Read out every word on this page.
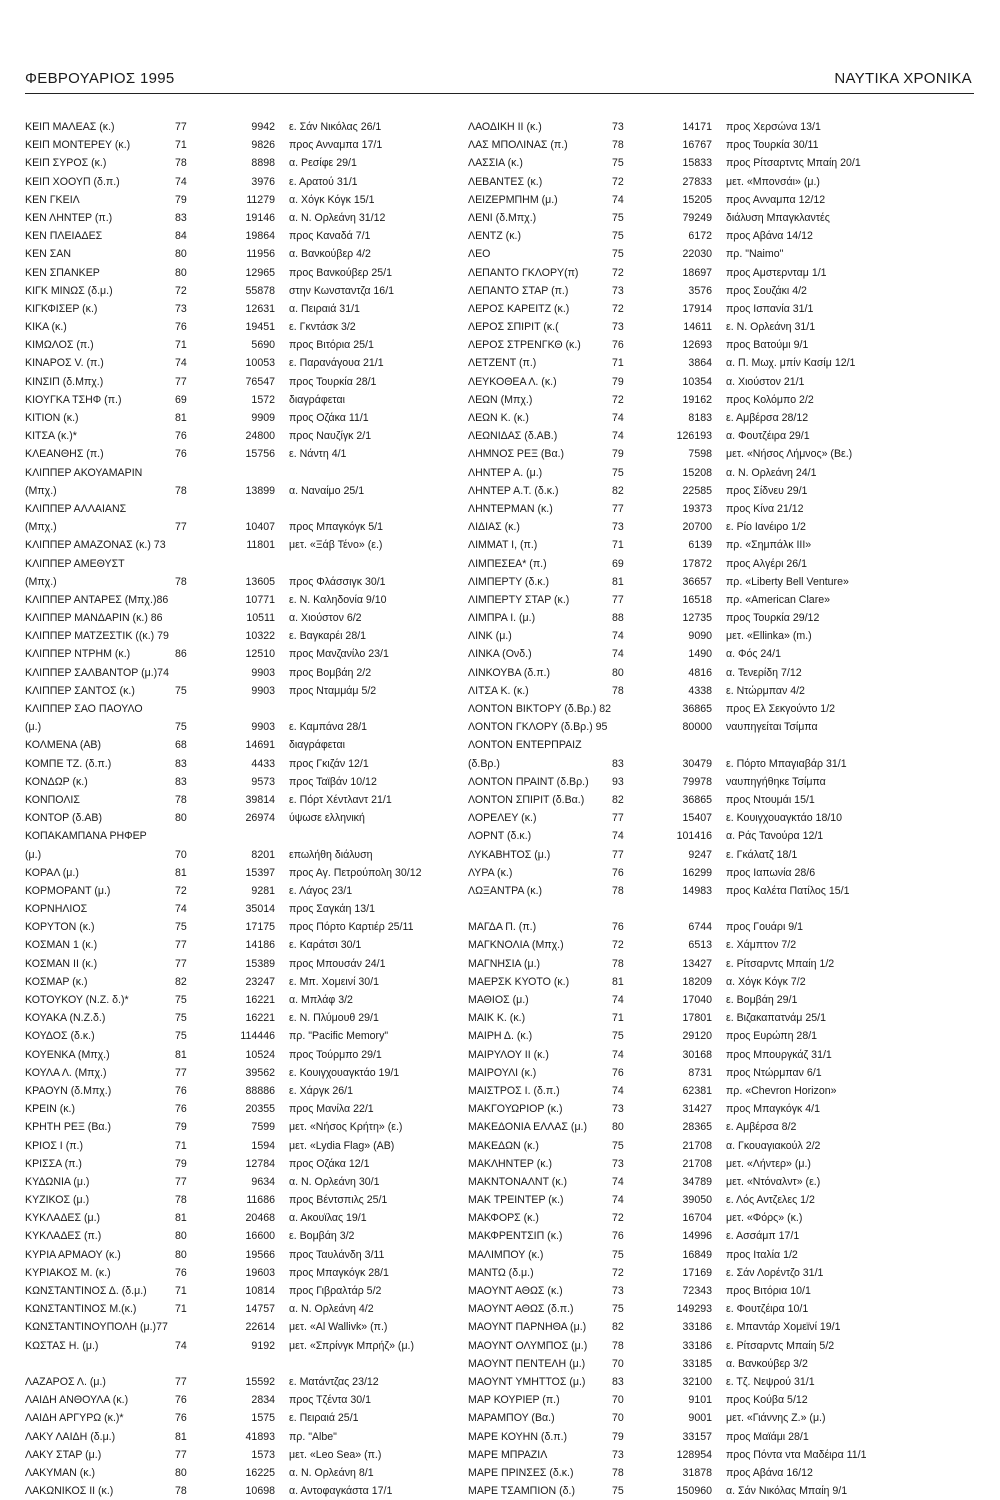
ΦΕΒΡΟΥΑΡΙΟΣ 1995	ΝΑΥΤΙΚΑ ΧΡΟΝΙΚΑ
ΚΕΙΠ ΜΑΛΕΑΣ (κ.)	77	9942 ε. Σάν Νικόλας 26/1
ΚΕΙΠ ΜΟΝΤΕΡΕΥ (κ.)	71	9826 προς Ανναμπα 17/1
ΚΕΙΠ ΣΥΡΟΣ (κ.)	78	8898 α. Ρεσίφε 29/1
ΚΕΙΠ ΧΟΟΥΠ (δ.π.)	74	3976 ε. Αρατού 31/1
ΚΕΝ ΓΚΕΙΛ	79	11279 α. Χόγκ Κόγκ 15/1
ΚΕΝ ΛΗΝΤΕΡ (π.)	83	19146 α. Ν. Ορλεάνη 31/12
ΚΕΝ ΠΛΕΙΑΔΕΣ	84	19864 προς Καναδά 7/1
ΚΕΝ ΣΑΝ	80	11956 α. Βανκούβερ 4/2
ΚΕΝ ΣΠΑΝΚΕΡ	80	12965 προς Βανκούβερ 25/1
ΚΙΓΚ ΜΙΝΩΣ (δ.μ.)	72	55878 στην Κωνσταντζα 16/1
ΚΙΓΚΦΙΣΕΡ (κ.)	73	12631 α. Πειραιά 31/1
ΚΙΚΑ (κ.)	76	19451 ε. Γκντάσκ 3/2
ΚΙΜΩΛΟΣ (π.)	71	5690 προς Βιτόρια 25/1
ΚΙΝΑΡΟΣ V. (π.)	74	10053 ε. Παρανάγουα 21/1
ΚΙΝΣΙΠ (δ.Μπχ.)	77	76547 προς Τουρκία 28/1
ΚΙΟΥΓΚΑ ΤΣΗΦ (π.)	69	1572 διαγράφεται
ΚΙΤΙΟΝ (κ.)	81	9909 προς Οζάκα 11/1
ΚΙΤΣΑ (κ.)*	76	24800 προς Ναυζίγκ 2/1
ΚΛΕΑΝΘΗΣ (π.)	76	15756 ε. Νάντη 4/1
ΚΛΙΠΠΕΡ ΑΚΟΥΑΜΑΡΙΝ
(Μπχ.)	78	13899 α. Ναναίμο 25/1
ΚΛΙΠΠΕΡ ΑΛΛΑΙΑΝΣ
(Μπχ.)	77	10407 προς Μπαγκόγκ 5/1
ΚΛΙΠΠΕΡ ΑΜΑΖΟΝΑΣ (κ.) 73	11801 μετ. «Ξάβ Τένο» (ε.)
ΚΛΙΠΠΕΡ ΑΜΕΘΥΣΤ
(Μπχ.)	78	13605 προς Φλάσσιγκ 30/1
ΚΛΙΠΠΕΡ ΑΝΤΑΡΕΣ (Μπχ.)86	10771 ε. Ν. Καληδονία 9/10
ΚΛΙΠΠΕΡ ΜΑΝΔΑΡΙΝ (κ.) 86	10511 α. Χιούστον 6/2
ΚΛΙΠΠΕΡ ΜΑΤΖΕΣΤΙΚ ((κ.) 79	10322 ε. Βαγκαρέι 28/1
ΚΛΙΠΠΕΡ ΝΤΡΗΜ (κ.)	86	12510 προς Μανζανίλο 23/1
ΚΛΙΠΠΕΡ ΣΑΛΒΑΝΤΟΡ (μ.)74	9903 προς Βομβάη 2/2
ΚΛΙΠΠΕΡ ΣΑΝΤΟΣ (κ.)	75	9903 προς Νταμμάμ 5/2
ΚΛΙΠΠΕΡ ΣΑΟ ΠΑΟΥΛΟ
(μ.)	75	9903 ε. Καμπάνα 28/1
ΚΟΛΜΕΝΑ (ΑΒ)	68	14691 διαγράφεται
ΚΟΜΠΕ ΤΖ. (δ.π.)	83	4433 προς Γκιζάν 12/1
ΚΟΝΔΩΡ (κ.)	83	9573 προς Ταϊβάν 10/12
ΚΟΝΠΟΛΙΣ	78	39814 ε. Πόρτ Χέντλαντ 21/1
ΚΟΝΤΟΡ (δ.ΑΒ)	80	26974 ύψωσε ελληνική
ΚΟΠΑΚΑΜΠΑΝΑ ΡΗΦΕΡ
(μ.)	70	8201 επωλήθη διάλυση
ΚΟΡΑΛ (μ.)	81	15397 προς Αγ. Πετρούπολη 30/12
ΚΟΡΜΟΡΑΝΤ (μ.)	72	9281 ε. Λάγος 23/1
ΚΟΡΝΗΛΙΟΣ	74	35014 προς Σαγκάη 13/1
ΚΟΡΥΤΟΝ (κ.)	75	17175 προς Πόρτο Καρτιέρ 25/11
ΚΟΣΜΑΝ 1 (κ.)	77	14186 ε. Καράτσι 30/1
ΚΟΣΜΑΝ ΙΙ (κ.)	77	15389 προς Μπουσάν 24/1
ΚΟΣΜΑΡ (κ.)	82	23247 ε. Μπ. Χομεινί 30/1
ΚΟΤΟΥΚΟΥ (Ν.Ζ. δ.)*	75	16221 α. Μπλάφ 3/2
ΚΟΥΑΚΑ (Ν.Ζ.δ.)	75	16221 ε. Ν. Πλύμουθ 29/1
ΚΟΥΔΟΣ (δ.κ.)	75	114446 πρ. "Pacific Memory"
ΚΟΥΕΝΚΑ (Μπχ.)	81	10524 προς Τούρμπο 29/1
ΚΟΥΛΑ Λ. (Μπχ.)	77	39562 ε. Κουιγχουαγκτάο 19/1
ΚΡΑΟΥΝ (δ.Μπχ.)	76	88886 ε. Χάργκ 26/1
ΚΡΕΙΝ (κ.)	76	20355 προς Μανίλα 22/1
ΚΡΗΤΗ ΡΕΞ (Βα.)	79	7599 μετ. «Νήσος Κρήτη» (ε.)
ΚΡΙΟΣ Ι (π.)	71	1594 μετ. «Lydia Flag» (ΑΒ)
ΚΡΙΣΣΑ (π.)	79	12784 προς Οζάκα 12/1
ΚΥΔΩΝΙΑ (μ.)	77	9634 α. Ν. Ορλεάνη 30/1
ΚΥΖΙΚΟΣ (μ.)	78	11686 προς Βέντσπιλς 25/1
ΚΥΚΛΑΔΕΣ (μ.)	81	20468 α. Ακουϊλας 19/1
ΚΥΚΛΑΔΕΣ (π.)	80	16600 ε. Βομβάη 3/2
ΚΥΡΙΑ ΑΡΜΑΟΥ (κ.)	80	19566 προς Ταυλάνδη 3/11
ΚΥΡΙΑΚΟΣ Μ. (κ.)	76	19603 προς Μπαγκόγκ 28/1
ΚΩΝΣΤΑΝΤΙΝΟΣ Δ. (δ.μ.)	71	10814 προς Γιβραλτάρ 5/2
ΚΩΝΣΤΑΝΤΙΝΟΣ Μ.(κ.)	71	14757 α. Ν. Ορλεάνη 4/2
ΚΩΝΣΤΑΝΤΙΝΟΥΠΟΛΗ (μ.)77	22614 μετ. «Al Wallivk» (π.)
ΚΩΣΤΑΣ Η. (μ.)	74	9192 μετ. «Σπρίνγκ Μπρήζ» (μ.)
ΛΑΖΑΡΟΣ Λ. (μ.)	77	15592 ε. Ματάντζας 23/12
ΛΑΙΔΗ ΑΝΘΟΥΛΑ (κ.)	76	2834 προς Τζέντα 30/1
ΛΑΙΔΗ ΑΡΓΥΡΩ (κ.)*	76	1575 ε. Πειραιά 25/1
ΛΑΚΥ ΛΑΙΔΗ (δ.μ.)	81	41893 πρ. "Albe"
ΛΑΚΥ ΣΤΑΡ (μ.)	77	1573 μετ. «Leo Sea» (π.)
ΛΑΚΥΜΑΝ (κ.)	80	16225 α. Ν. Ορλεάνη 8/1
ΛΑΚΩΝΙΚΟΣ ΙΙ (κ.)	78	10698 α. Αντοφαγκάστα 17/1
ΛΑΟΔΙΚΗ ΙΙ (κ.)	73	14171 προς Χερσώνα 13/1
ΛΑΣ ΜΠΟΛΙΝΑΣ (π.)	78	16767 προς Τουρκία 30/11
ΛΑΣΣΙΑ (κ.)	75	15833 προς Ρίτσαρτντς Μπαίη 20/1
ΛΕΒΑΝΤΕΣ (κ.)	72	27833 μετ. «Μπονσάι» (μ.)
ΛΕΙΖΕΡΜΠΗΜ (μ.)	74	15205 προς Ανναμπα 12/12
ΛΕΝΙ (δ.Μπχ.)	75	79249 διάλυση Μπαγκλαντές
ΛΕΝΤΖ (κ.)	75	6172 προς Αβάνα 14/12
ΛΕΟ	75	22030 πρ. "Naimo"
ΛΕΠΑΝΤΟ ΓΚΛΟΡΥ(π)	72	18697 προς Αμστερνταμ 1/1
ΛΕΠΑΝΤΟ ΣΤΑΡ (π.)	73	3576 προς Σουζάκι 4/2
ΛΕΡΟΣ ΚΑΡΕΙΤΖ (κ.)	72	17914 προς Ισπανία 31/1
ΛΕΡΟΣ ΣΠΙΡΙΤ (κ.(	73	14611 ε. Ν. Ορλεάνη 31/1
ΛΕΡΟΣ ΣΤΡΕΝΓΚΘ (κ.)	76	12693 προς Βατούμι 9/1
ΛΕΤΖΕΝΤ (π.)	71	3864 α. Π. Μωχ. μπίν Κασίμ 12/1
ΛΕΥΚΟΘΕΑ Λ. (κ.)	79	10354 α. Χιούστον 21/1
ΛΕΩΝ (Μπχ.)	72	19162 προς Κολόμπο 2/2
ΛΕΩΝ Κ. (κ.)	74	8183 ε. Αμβέρσα 28/12
ΛΕΩΝΙΔΑΣ (δ.ΑΒ.)	74	126193 α. Φουτζέιρα 29/1
ΛΗΜΝΟΣ ΡΕΞ (Βα.)	79	7598 μετ. «Νήσος Λήμνος» (Βε.)
ΛΗΝΤΕΡ Α. (μ.)	75	15208 α. Ν. Ορλεάνη 24/1
ΛΗΝΤΕΡ Α.Τ. (δ.κ.)	82	22585 προς Σίδνευ 29/1
ΛΗΝΤΕΡΜΑΝ (κ.)	77	19373 προς Κίνα 21/12
ΛΙΔΙΑΣ (κ.)	73	20700 ε. Ρίο Ιανέιρο 1/2
ΛΙΜΜΑΤ Ι, (π.)	71	6139 πρ. «Σημπάλκ ΙΙΙ»
ΛΙΜΠΕΣΕΑ* (π.)	69	17872 προς Αλγέρι 26/1
ΛΙΜΠΕΡΤΥ (δ.κ.)	81	36657 πρ. «Liberty Bell Venture»
ΛΙΜΠΕΡΤΥ ΣΤΑΡ (κ.)	77	16518 πρ. «American Clare»
ΛΙΜΠΡΑ Ι. (μ.)	88	12735 προς Τουρκία 29/12
ΛΙΝΚ (μ.)	74	9090 μετ. «Ellinka» (m.)
ΛΙΝΚΑ (Ονδ.)	74	1490 α. Φός 24/1
ΛΙΝΚΟΥΒΑ (δ.π.)	80	4816 α. Τενερίδη 7/12
ΛΙΤΣΑ Κ. (κ.)	78	4338 ε. Ντώρμπαν 4/2
ΛΟΝΤΟΝ ΒΙΚΤΟΡΥ (δ.Βρ.) 82	36865 προς Ελ Σεκγούντο 1/2
ΛΟΝΤΟΝ ΓΚΛΟΡΥ (δ.Βρ.) 95	80000 ναυπηγείται Τσίμπα
ΛΟΝΤΟΝ ΕΝΤΕΡΠΡΑΙΖ
(δ.Βρ.)	83	30479 ε. Πόρτο Μπαγιαβάρ 31/1
ΛΟΝΤΟΝ ΠΡΑΙΝΤ (δ.Βρ.) 93	79978 ναυπηγήθηκε Τσίμπα
ΛΟΝΤΟΝ ΣΠΙΡΙΤ (δ.Βα.)	82	36865 προς Ντουμάι 15/1
ΛΟΡΕΛΕΥ (κ.)	77	15407 ε. Κουιγχουαγκτάο 18/10
ΛΟΡΝΤ (δ.κ.)	74	101416 α. Ράς Τανούρα 12/1
ΛΥΚΑΒΗΤΟΣ (μ.)	77	9247 ε. Γκάλατζ 18/1
ΛΥΡΑ (κ.)	76	16299 προς Ιαπωνία 28/6
ΛΩΞΑΝΤΡΑ (κ.)	78	14983 προς Καλέτα Πατίλος 15/1
ΜΑΓΔΑ Π. (π.)	76	6744 προς Γουάρι 9/1
ΜΑΓΚΝΟΛΙΑ (Μπχ.)	72	6513 ε. Χάμπτον 7/2
ΜΑΓΝΗΣΙΑ (μ.)	78	13427 ε. Ρίτσαρντς Μπαίη 1/2
ΜΑΕΡΣΚ ΚΥΟΤΟ (κ.)	81	18209 α. Χόγκ Κόγκ 7/2
ΜΑΘΙΟΣ (μ.)	74	17040 ε. Βομβάη 29/1
ΜΑΙΚ Κ. (κ.)	71	17801 ε. Βιζακαπατνάμ 25/1
ΜΑΙΡΗ Δ. (κ.)	75	29120 προς Ευρώπη 28/1
ΜΑΙΡΥΛΟΥ ΙΙ (κ.)	74	30168 προς Μπουργκάζ 31/1
ΜΑΙΡΟΥΛΙ (κ.)	76	8731 προς Ντώρμπαν 6/1
ΜΑΙΣΤΡΟΣ Ι. (δ.π.)	74	62381 πρ. «Chevron Horizon»
ΜΑΚΓΟΥΩΡΙΟΡ (κ.)	73	31427 προς Μπαγκόγκ 4/1
ΜΑΚΕΔΟΝΙΑ ΕΛΛΑΣ (μ.) 80	28365 ε. Αμβέρσα 8/2
ΜΑΚΕΔΩΝ (κ.)	75	21708 α. Γκουαγιακούλ 2/2
ΜΑΚΛΗΝΤΕΡ (κ.)	73	21708 μετ. «Λήντερ» (μ.)
ΜΑΚΝΤΟΝΑΛΝΤ (κ.)	74	34789 μετ. «Ντόναλντ» (ε.)
ΜΑΚ ΤΡΕΙΝΤΕΡ (κ.)	74	39050 ε. Λός Αντζελες 1/2
ΜΑΚΦΟΡΣ (κ.)	72	16704 μετ. «Φόρς» (κ.)
ΜΑΚΦΡΕΝΤΣΙΠ (κ.)	76	14996 ε. Ασσάμπ 17/1
ΜΑΛΙΜΠΟΥ (κ.)	75	16849 προς Ιταλία 1/2
ΜΑΝΤΩ (δ.μ.)	72	17169 ε. Σάν Λορέντζο 31/1
ΜΑΟΥΝΤ ΑΘΩΣ (κ.)	73	72343 προς Βιτόρια 10/1
ΜΑΟΥΝΤ ΑΘΩΣ (δ.π.)	75	149293 ε. Φουτζέιρα 10/1
ΜΑΟΥΝΤ ΠΑΡΝΗΘΑ (μ.) 82	33186 ε. Μπαντάρ Χομεϊνί 19/1
ΜΑΟΥΝΤ ΟΛΥΜΠΟΣ (μ.) 78	33186 ε. Ρίτσαρντς Μπαίη 5/2
ΜΑΟΥΝΤ ΠΕΝΤΕΛΗ (μ.)	70	33185 α. Βανκούβερ 3/2
ΜΑΟΥΝΤ ΥΜΗΤΤΟΣ (μ.)	83	32100 ε. Τζ. Νεψρού 31/1
ΜΑΡ ΚΟΥΡΙΕΡ (π.)	70	9101 προς Κούβα 5/12
ΜΑΡΑΜΠΟΥ (Βα.)	70	9001 μετ. «Γιάννης Ζ.» (μ.)
ΜΑΡΕ ΚΟΥΗΝ (δ.π.)	79	33157 προς Μαϊάμι 28/1
ΜΑΡΕ ΜΠΡΑΖΙΛ	73	128954 προς Πόντα ντα Μαδέιρα 11/1
ΜΑΡΕ ΠΡΙΝΣΕΣ (δ.κ.)	78	31878 προς Αβάνα 16/12
ΜΑΡΕ ΤΣΑΜΠΙΟΝ (δ.)	75	150960 α. Σάν Νικόλας Μπαίη 9/1
